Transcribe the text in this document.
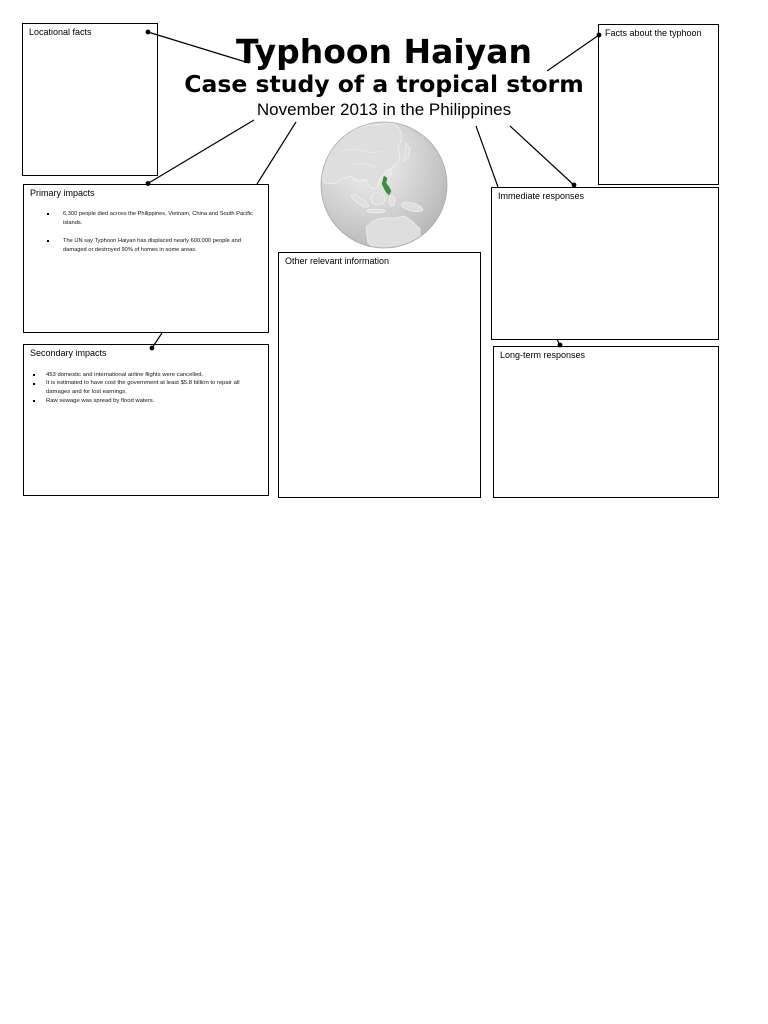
Typhoon Haiyan
Case study of a tropical storm
November 2013 in the Philippines
Locational facts	Facts about the typhoon
Primary impacts
6,300 people died across the Philippines, Vietnam, China and South Pacific islands.
The UN say Typhoon Haiyan has displaced nearly 600,000 people and damaged or destroyed 90% of homes in some areas.
Immediate responses
Other relevant information
Secondary impacts
453 domestic and international airline flights were cancelled.
It is estimated to have cost the government at least $5.8 billion to repair all damages and for lost earnings.
Raw sewage was spread by flood waters.
Long-term responses
